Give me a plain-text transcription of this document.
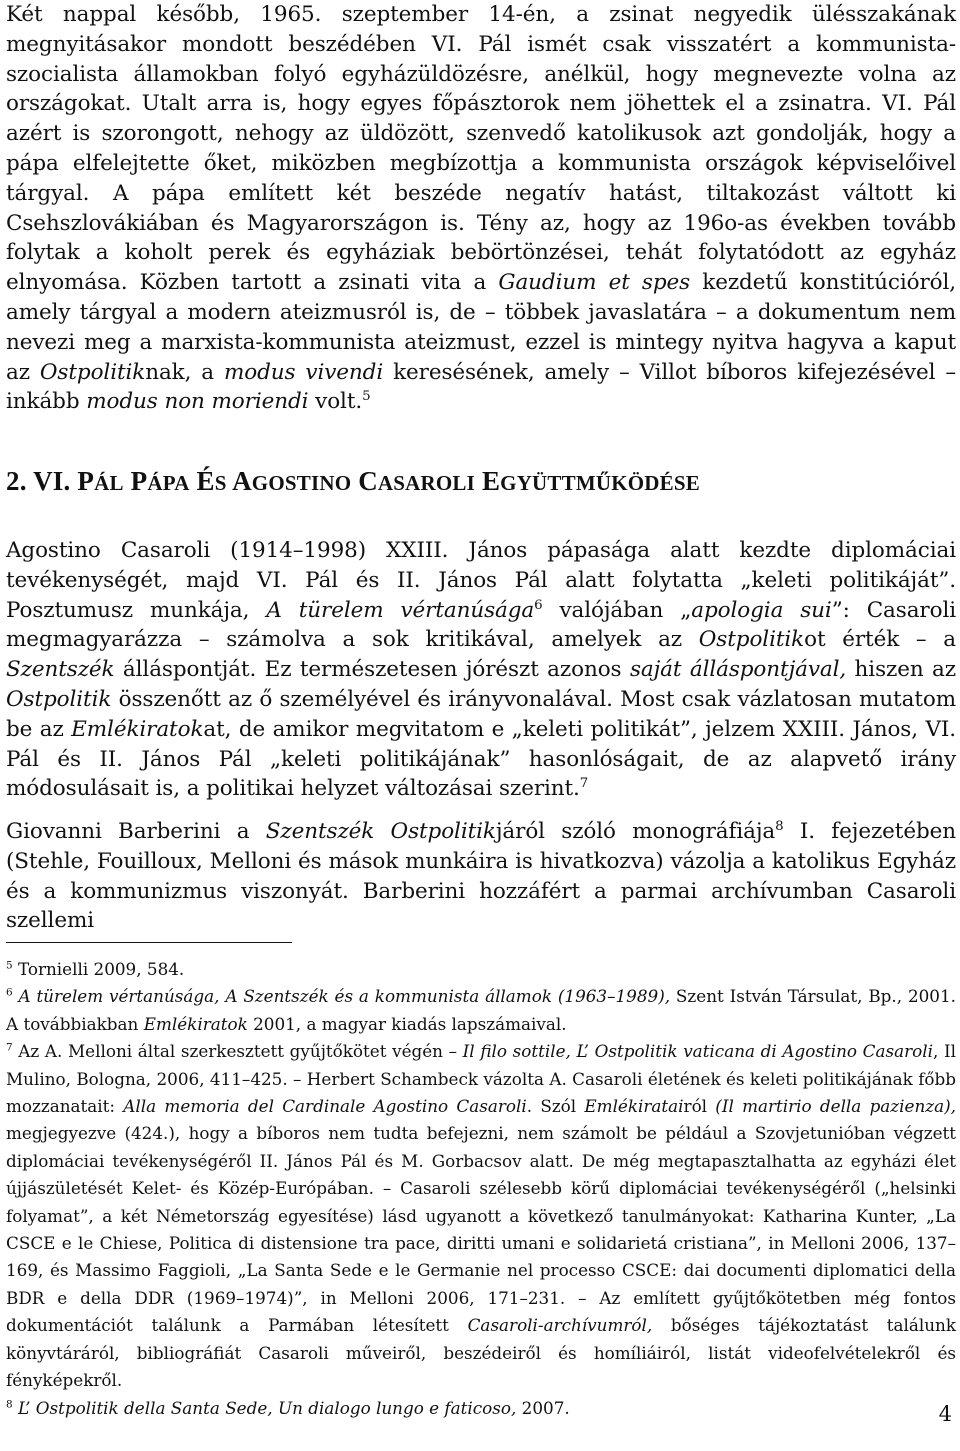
Két nappal később, 1965. szeptember 14-én, a zsinat negyedik ülésszakának megnyitásakor mondott beszédében VI. Pál ismét csak visszatért a kommunista-szocialista államokban folyó egyházüldözésre, anélkül, hogy megnevezte volna az országokat. Utalt arra is, hogy egyes főpásztorok nem jöhettek el a zsinatra. VI. Pál azért is szorongott, nehogy az üldözött, szenvedő katolikusok azt gondolják, hogy a pápa elfelejtette őket, miközben megbízottja a kommunista országok képviselőivel tárgyal. A pápa említett két beszéde negatív hatást, tiltakozást váltott ki Csehszlovákiában és Magyarországon is. Tény az, hogy az 196o-as években tovább folytak a koholt perek és egyháziak bebörtönzései, tehát folytatódott az egyház elnyomása. Közben tartott a zsinati vita a Gaudium et spes kezdetű konstitúcióról, amely tárgyal a modern ateizmusról is, de – többek javaslatára – a dokumentum nem nevezi meg a marxista-kommunista ateizmust, ezzel is mintegy nyitva hagyva a kaput az Ostpolitiknak, a modus vivendi keresésének, amely – Villot bíboros kifejezésével – inkább modus non moriendi volt.$^5$

2. VI. PÁL PÁPA ÉS AGOSTINO CASAROLI EGYÜTTMŰKÖDÉSE

Agostino Casaroli (1914–1998) XXIII. János pápasága alatt kezdte diplomáciai tevékenységét, majd VI. Pál és II. János Pál alatt folytatta „keleti politikáját”. Posztumusz munkája, A türelem vértanúsága$^6$ valójában „apologia sui”: Casaroli megmagyarázza – számolva a sok kritikával, amelyek az Ostpolitikot érték – a Szentszék álláspontját. Ez természetesen jórészt azonos saját álláspontjával, hiszen az Ostpolitik összenőtt az ő személyével és irányvonalával. Most csak vázlatosan mutatom be az Emlékiratokat, de amikor megvitatom e „keleti politikát”, jelzem XXIII. János, VI. Pál és II. János Pál „keleti politikájának” hasonlóságait, de az alapvető irány módosulásait is, a politikai helyzet változásai szerint.$^7$

Giovanni Barberini a Szentszék Ostpolitikjáról szóló monográfiája$^8$ I. fejezetében (Stehle, Fouilloux, Melloni és mások munkáira is hivatkozva) vázolja a katolikus Egyház és a kommunizmus viszonyát. Barberini hozzáfért a parmai archívumban Casaroli szellemi

$^5$ Tornielli 2009, 584.

$^6$ A türelem vértanúsága, A Szentszék és a kommunista államok (1963–1989), Szent István Társulat, Bp., 2001. A továbbiakban Emlékiratok 2001, a magyar kiadás lapszámaival.

$^7$ Az A. Melloni által szerkesztett gyűjtőkötet végén – Il filo sottile, L’ Ostpolitik vaticana di Agostino Casaroli, Il Mulino, Bologna, 2006, 411–425. – Herbert Schambeck vázolta A. Casaroli életének és keleti politikájának főbb mozzanatait: Alla memoria del Cardinale Agostino Casaroli. Szól Emlékiratairól (Il martirio della pazienza), megjegyezve (424.), hogy a bíboros nem tudta befejezni, nem számolt be például a Szovjetunióban végzett diplomáciai tevékenységéről II. János Pál és M. Gorbacsov alatt. De még megtapasztalhatta az egyházi élet újjászületését Kelet- és Közép-Európában. – Casaroli szélesebb körű diplomáciai tevékenységéről („helsinki folyamat”, a két Németország egyesítése) lásd ugyanott a következő tanulmányokat: Katharina Kunter, „La CSCE e le Chiese, Politica di distensione tra pace, diritti umani e solidarietá cristiana”, in Melloni 2006, 137–169, és Massimo Faggioli, „La Santa Sede e le Germanie nel processo CSCE: dai documenti diplomatici della BDR e della DDR (1969–1974)”, in Melloni 2006, 171–231. – Az említett gyűjtőkötetben még fontos dokumentációt találunk a Parmában létesített Casaroli-archívumról, bőséges tájékoztatást találunk könyvtáráról, bibliográfiát Casaroli műveiről, beszédeiről és homíliáiról, listát videofelvételekről és fényképekről.

$^8$ L’ Ostpolitik della Santa Sede, Un dialogo lungo e faticoso, 2007.	4
